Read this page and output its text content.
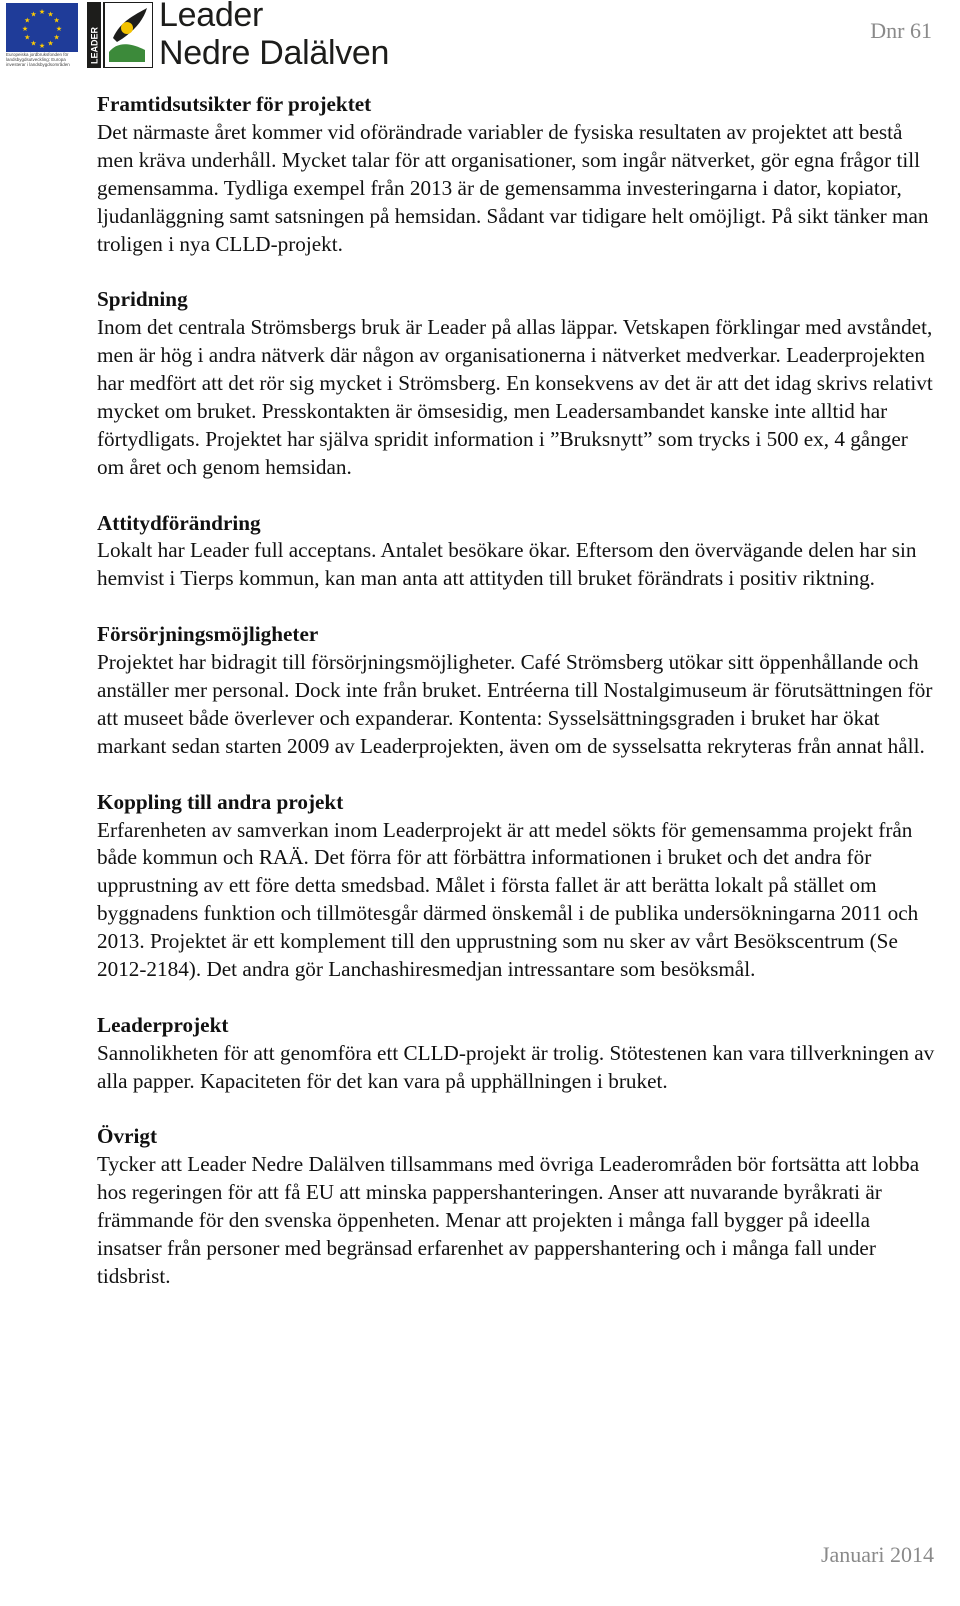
★ ★
★
★
★
★
★
★
★
★
★
★
Europeiska jordbruksfonden för
landsbygdsutveckling: Europa
investerar i landsbygdsområden
LEADER
Leader
Nedre Dalälven
Dnr 61
Framtidsutsikter för projektet

Det närmaste året kommer vid oförändrade variabler de fysiska resultaten av projektet att bestå men kräva underhåll. Mycket talar för att organisationer, som ingår nätverket, gör egna frågor till gemensamma. Tydliga exempel från 2013 är de gemensamma investeringarna i dator, kopiator, ljudanläggning samt satsningen på hemsidan. Sådant var tidigare helt omöjligt. På sikt tänker man troligen i nya CLLD-projekt.

Spridning

Inom det centrala Strömsbergs bruk är Leader på allas läppar. Vetskapen förklingar med avståndet, men är hög i andra nätverk där någon av organisationerna i nätverket medverkar. Leaderprojekten har medfört att det rör sig mycket i Strömsberg. En konsekvens av det är att det idag skrivs relativt mycket om bruket. Presskontakten är ömsesidig, men Leadersambandet kanske inte alltid har förtydligats. Projektet har själva spridit information i ”Bruksnytt” som trycks i 500 ex, 4 gånger om året och genom hemsidan.

Attitydförändring

Lokalt har Leader full acceptans. Antalet besökare ökar. Eftersom den övervägande delen har sin hemvist i Tierps kommun, kan man anta att attityden till bruket förändrats i positiv riktning.

Försörjningsmöjligheter

Projektet har bidragit till försörjningsmöjligheter. Café Strömsberg utökar sitt öppenhållande och anställer mer personal. Dock inte från bruket. Entréerna till Nostalgimuseum är förutsättningen för att museet både överlever och expanderar. Kontenta: Sysselsättningsgraden i bruket har ökat markant sedan starten 2009 av Leaderprojekten, även om de sysselsatta rekryteras från annat håll.

Koppling till andra projekt

Erfarenheten av samverkan inom Leaderprojekt är att medel sökts för gemensamma projekt från både kommun och RAÄ. Det förra för att förbättra informationen i bruket och det andra för upprustning av ett före detta smedsbad. Målet i första fallet är att berätta lokalt på stället om byggnadens funktion och tillmötesgår därmed önskemål i de publika undersökningarna 2011 och 2013. Projektet är ett komplement till den upprustning som nu sker av vårt Besökscentrum (Se 2012-2184). Det andra gör Lanchashiresmedjan intressantare som besöksmål.

Leaderprojekt

Sannolikheten för att genomföra ett CLLD-projekt är trolig. Stötestenen kan vara tillverkningen av alla papper. Kapaciteten för det kan vara på upphällningen i bruket.

Övrigt

Tycker att Leader Nedre Dalälven tillsammans med övriga Leaderområden bör fortsätta att lobba hos regeringen för att få EU att minska pappershanteringen. Anser att nuvarande byråkrati är främmande för den svenska öppenheten. Menar att projekten i många fall bygger på ideella insatser från personer med begränsad erfarenhet av pappershantering och i många fall under tidsbrist.

Januari 2014
